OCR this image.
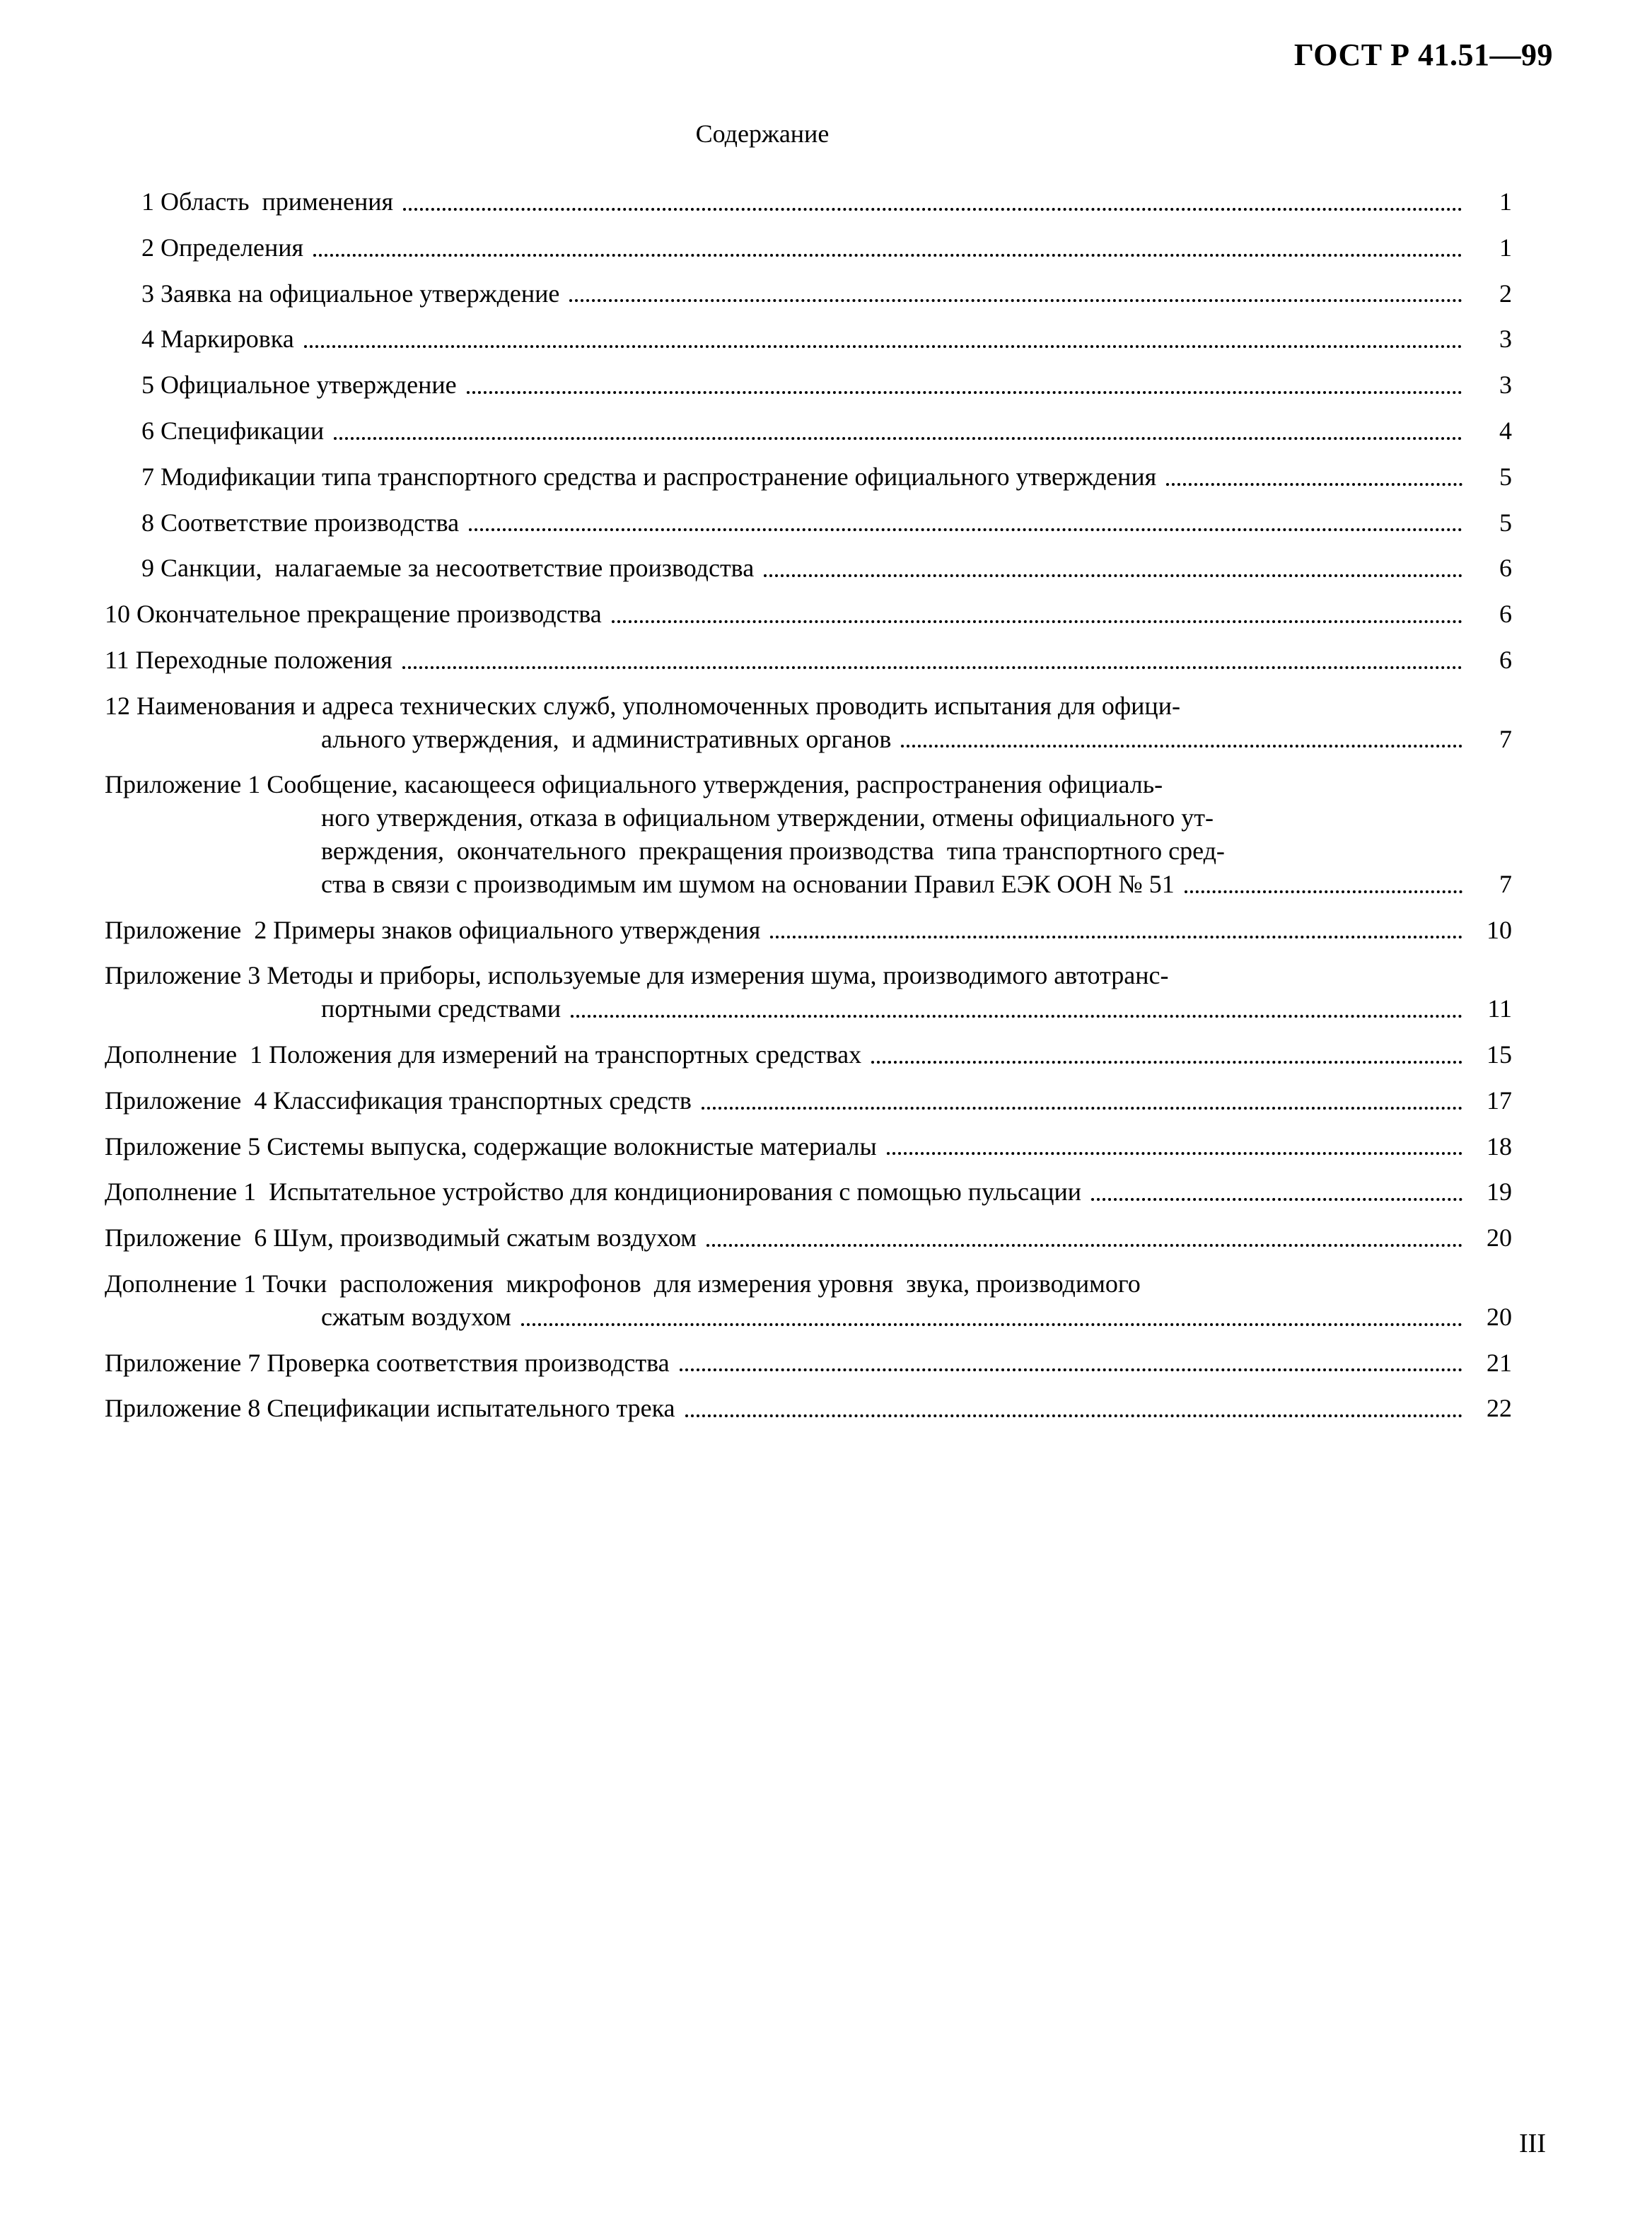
ГОСТ Р 41.51—99
Содержание
1 Область  применения	1
2 Определения	1
3 Заявка на официальное утверждение	2
4 Маркировка	3
5 Официальное утверждение	3
6 Спецификации	4
7 Модификации типа транспортного средства и распространение официального утверждения	5
8 Соответствие производства	5
9 Санкции,  налагаемые за несоответствие производства	6
10 Окончательное прекращение производства	6
11 Переходные положения	6
12 Наименования и адреса технических служб, уполномоченных проводить испытания для офици-
ального утверждения,  и административных органов	7
Приложение 1 Сообщение, касающееся официального утверждения, распространения официаль-
ного утверждения, отказа в официальном утверждении, отмены официального ут-
верждения,  окончательного  прекращения производства  типа транспортного сред-
ства в связи с производимым им шумом на основании Правил ЕЭК ООН № 51	7
Приложение  2 Примеры знаков официального утверждения	10
Приложение 3 Методы и приборы, используемые для измерения шума, производимого автотранс-
портными средствами	11
Дополнение  1 Положения для измерений на транспортных средствах	15
Приложение  4 Классификация транспортных средств	17
Приложение 5 Системы выпуска, содержащие волокнистые материалы	18
Дополнение 1  Испытательное устройство для кондиционирования с помощью пульсации	19
Приложение  6 Шум, производимый сжатым воздухом	20
Дополнение 1 Точки  расположения  микрофонов  для измерения уровня  звука, производимого
сжатым воздухом	20
Приложение 7 Проверка соответствия производства	21
Приложение 8 Спецификации испытательного трека	22
III
